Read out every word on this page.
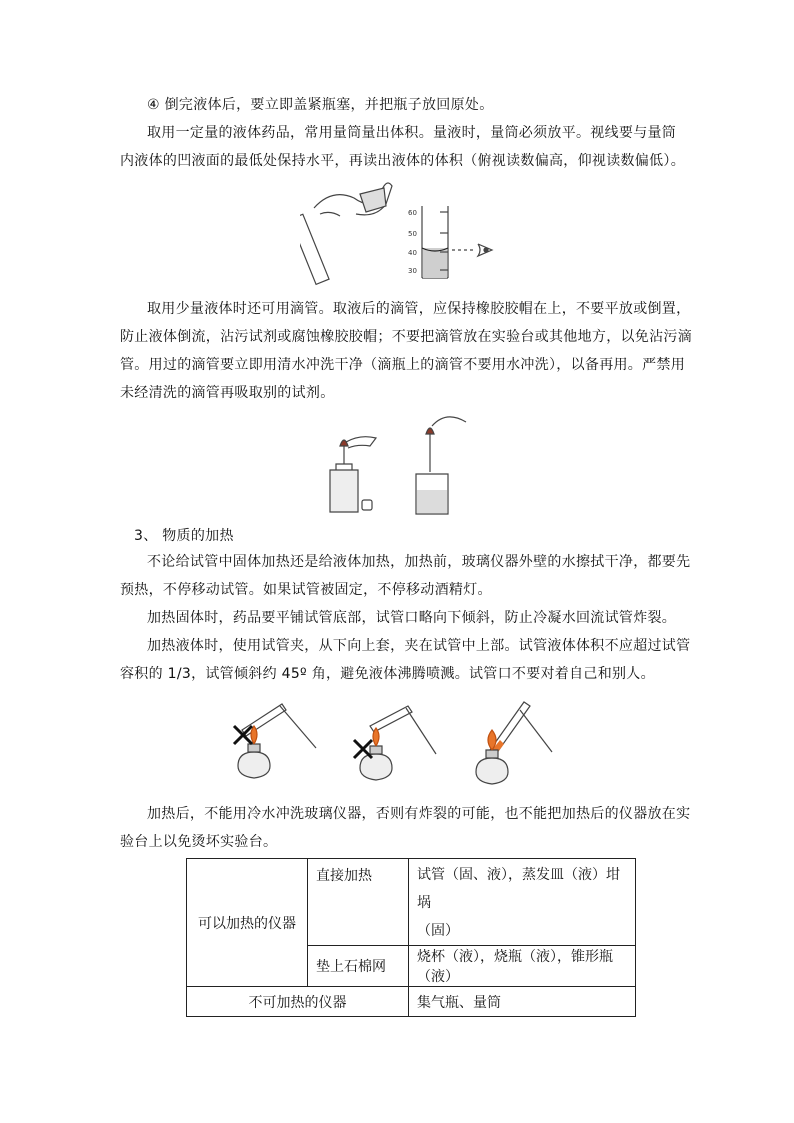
④ 倒完液体后，要立即盖紧瓶塞，并把瓶子放回原处。
取用一定量的液体药品，常用量筒量出体积。量液时，量筒必须放平。视线要与量筒
内液体的凹液面的最低处保持水平，再读出液体的体积（俯视读数偏高，仰视读数偏低）。
60
50
40
30
取用少量液体时还可用滴管。取液后的滴管，应保持橡胶胶帽在上，不要平放或倒置，
防止液体倒流，沾污试剂或腐蚀橡胶胶帽；不要把滴管放在实验台或其他地方，以免沾污滴
管。用过的滴管要立即用清水冲洗干净（滴瓶上的滴管不要用水冲洗），以备再用。严禁用
未经清洗的滴管再吸取别的试剂。
3、 物质的加热
不论给试管中固体加热还是给液体加热，加热前，玻璃仪器外壁的水擦拭干净，都要先
预热，不停移动试管。如果试管被固定，不停移动酒精灯。
加热固体时，药品要平铺试管底部，试管口略向下倾斜，防止冷凝水回流试管炸裂。
加热液体时，使用试管夹，从下向上套，夹在试管中上部。试管液体体积不应超过试管
容积的 1/3，试管倾斜约 45º 角，避免液体沸腾喷溅。试管口不要对着自己和别人。
加热后，不能用冷水冲洗玻璃仪器，否则有炸裂的可能，也不能把加热后的仪器放在实
验台上以免烫坏实验台。
可以加热的仪器	直接加热	试管（固、液），蒸发皿（液）坩埚
（固）

	垫上石棉网	烧杯（液），烧瓶（液），锥形瓶（液）
不可加热的仪器		集气瓶、量筒
